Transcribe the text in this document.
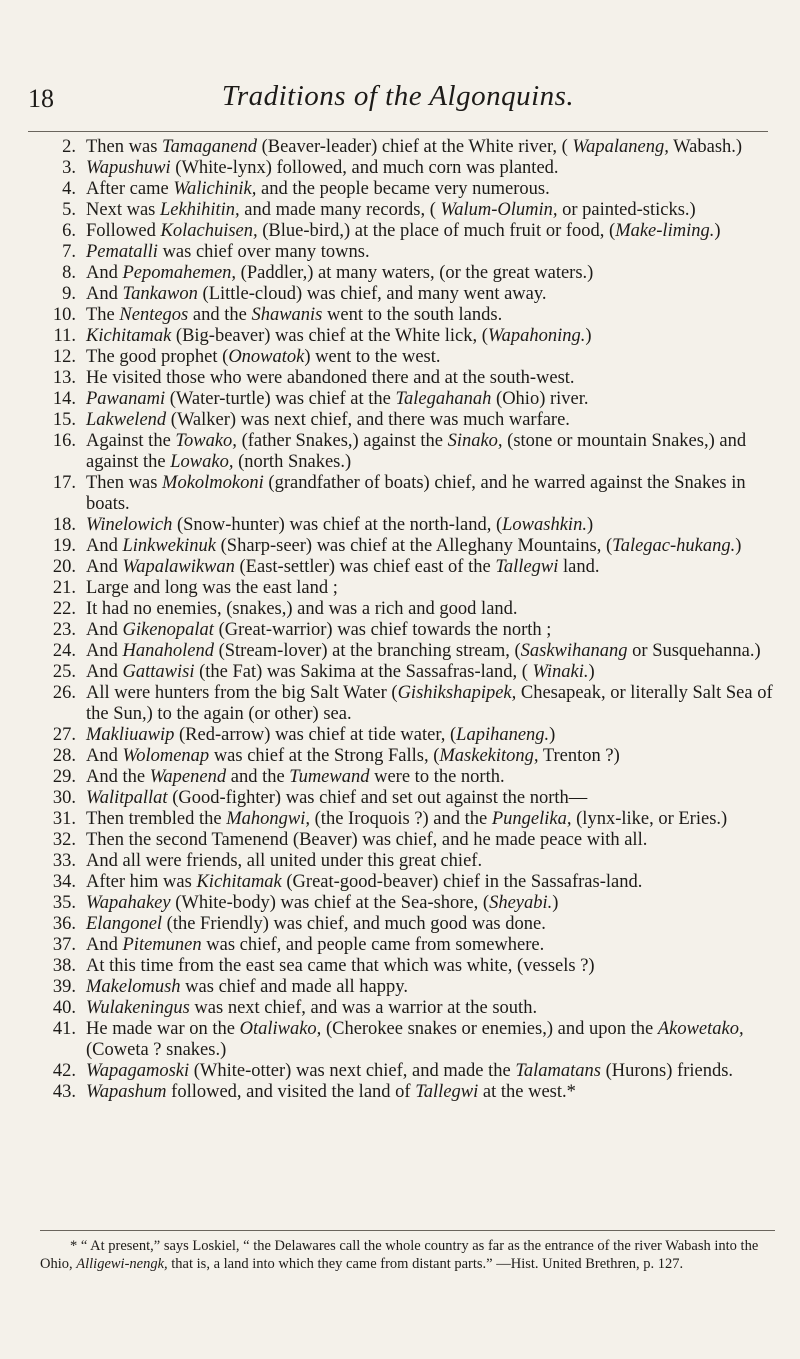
18	Traditions of the Algonquins.
2. Then was Tamaganend (Beaver-leader) chief at the White river, ( Wapalaneng, Wabash.)
3. Wapushuwi (White-lynx) followed, and much corn was planted.
4. After came Walichinik, and the people became very numerous.
5. Next was Lekhihitin, and made many records, ( Walum-Olumin, or painted-sticks.)
6. Followed Kolachuisen, (Blue-bird,) at the place of much fruit or food, (Make-liming.)
7. Pematalli was chief over many towns.
8. And Pepomahemen, (Paddler,) at many waters, (or the great waters.)
9. And Tankawon (Little-cloud) was chief, and many went away.
10. The Nentegos and the Shawanis went to the south lands.
11. Kichitamak (Big-beaver) was chief at the White lick, (Wapahoning.)
12. The good prophet (Onowatok) went to the west.
13. He visited those who were abandoned there and at the south-west.
14. Pawanami (Water-turtle) was chief at the Talegahanah (Ohio) river.
15. Lakwelend (Walker) was next chief, and there was much warfare.
16. Against the Towako, (father Snakes,) against the Sinako, (stone or mountain Snakes,) and against the Lowako, (north Snakes.)
17. Then was Mokolmokoni (grandfather of boats) chief, and he warred against the Snakes in boats.
18. Winelowich (Snow-hunter) was chief at the north-land, (Lowashkin.)
19. And Linkwekinuk (Sharp-seer) was chief at the Alleghany Mountains, (Talegac-hukang.)
20. And Wapalawikwan (East-settler) was chief east of the Tallegwi land.
21. Large and long was the east land ;
22. It had no enemies, (snakes,) and was a rich and good land.
23. And Gikenopalat (Great-warrior) was chief towards the north ;
24. And Hanaholend (Stream-lover) at the branching stream, (Saskwihanang or Susquehanna.)
25. And Gattawisi (the Fat) was Sakima at the Sassafras-land, ( Winaki.)
26. All were hunters from the big Salt Water (Gishikshapipek, Chesapeak, or literally Salt Sea of the Sun,) to the again (or other) sea.
27. Makliuawip (Red-arrow) was chief at tide water, (Lapihaneng.)
28. And Wolomenap was chief at the Strong Falls, (Maskekitong, Trenton ?)
29. And the Wapenend and the Tumewand were to the north.
30. Walitpallat (Good-fighter) was chief and set out against the north—
31. Then trembled the Mahongwi, (the Iroquois ?) and the Pungelika, (lynx-like, or Eries.)
32. Then the second Tamenend (Beaver) was chief, and he made peace with all.
33. And all were friends, all united under this great chief.
34. After him was Kichitamak (Great-good-beaver) chief in the Sassafras-land.
35. Wapahakey (White-body) was chief at the Sea-shore, (Sheyabi.)
36. Elangonel (the Friendly) was chief, and much good was done.
37. And Pitemunen was chief, and people came from somewhere.
38. At this time from the east sea came that which was white, (vessels ?)
39. Makelomush was chief and made all happy.
40. Wulakeningus was next chief, and was a warrior at the south.
41. He made war on the Otaliwako, (Cherokee snakes or enemies,) and upon the Akowetako, (Coweta ? snakes.)
42. Wapagamoski (White-otter) was next chief, and made the Talamatans (Hurons) friends.
43. Wapashum followed, and visited the land of Tallegwi at the west.*

* “ At present,” says Loskiel, “ the Delawares call the whole country as far as the entrance of the river Wabash into the Ohio, Alligewi-nengk, that is, a land into which they came from distant parts.” —Hist. United Brethren, p. 127.
